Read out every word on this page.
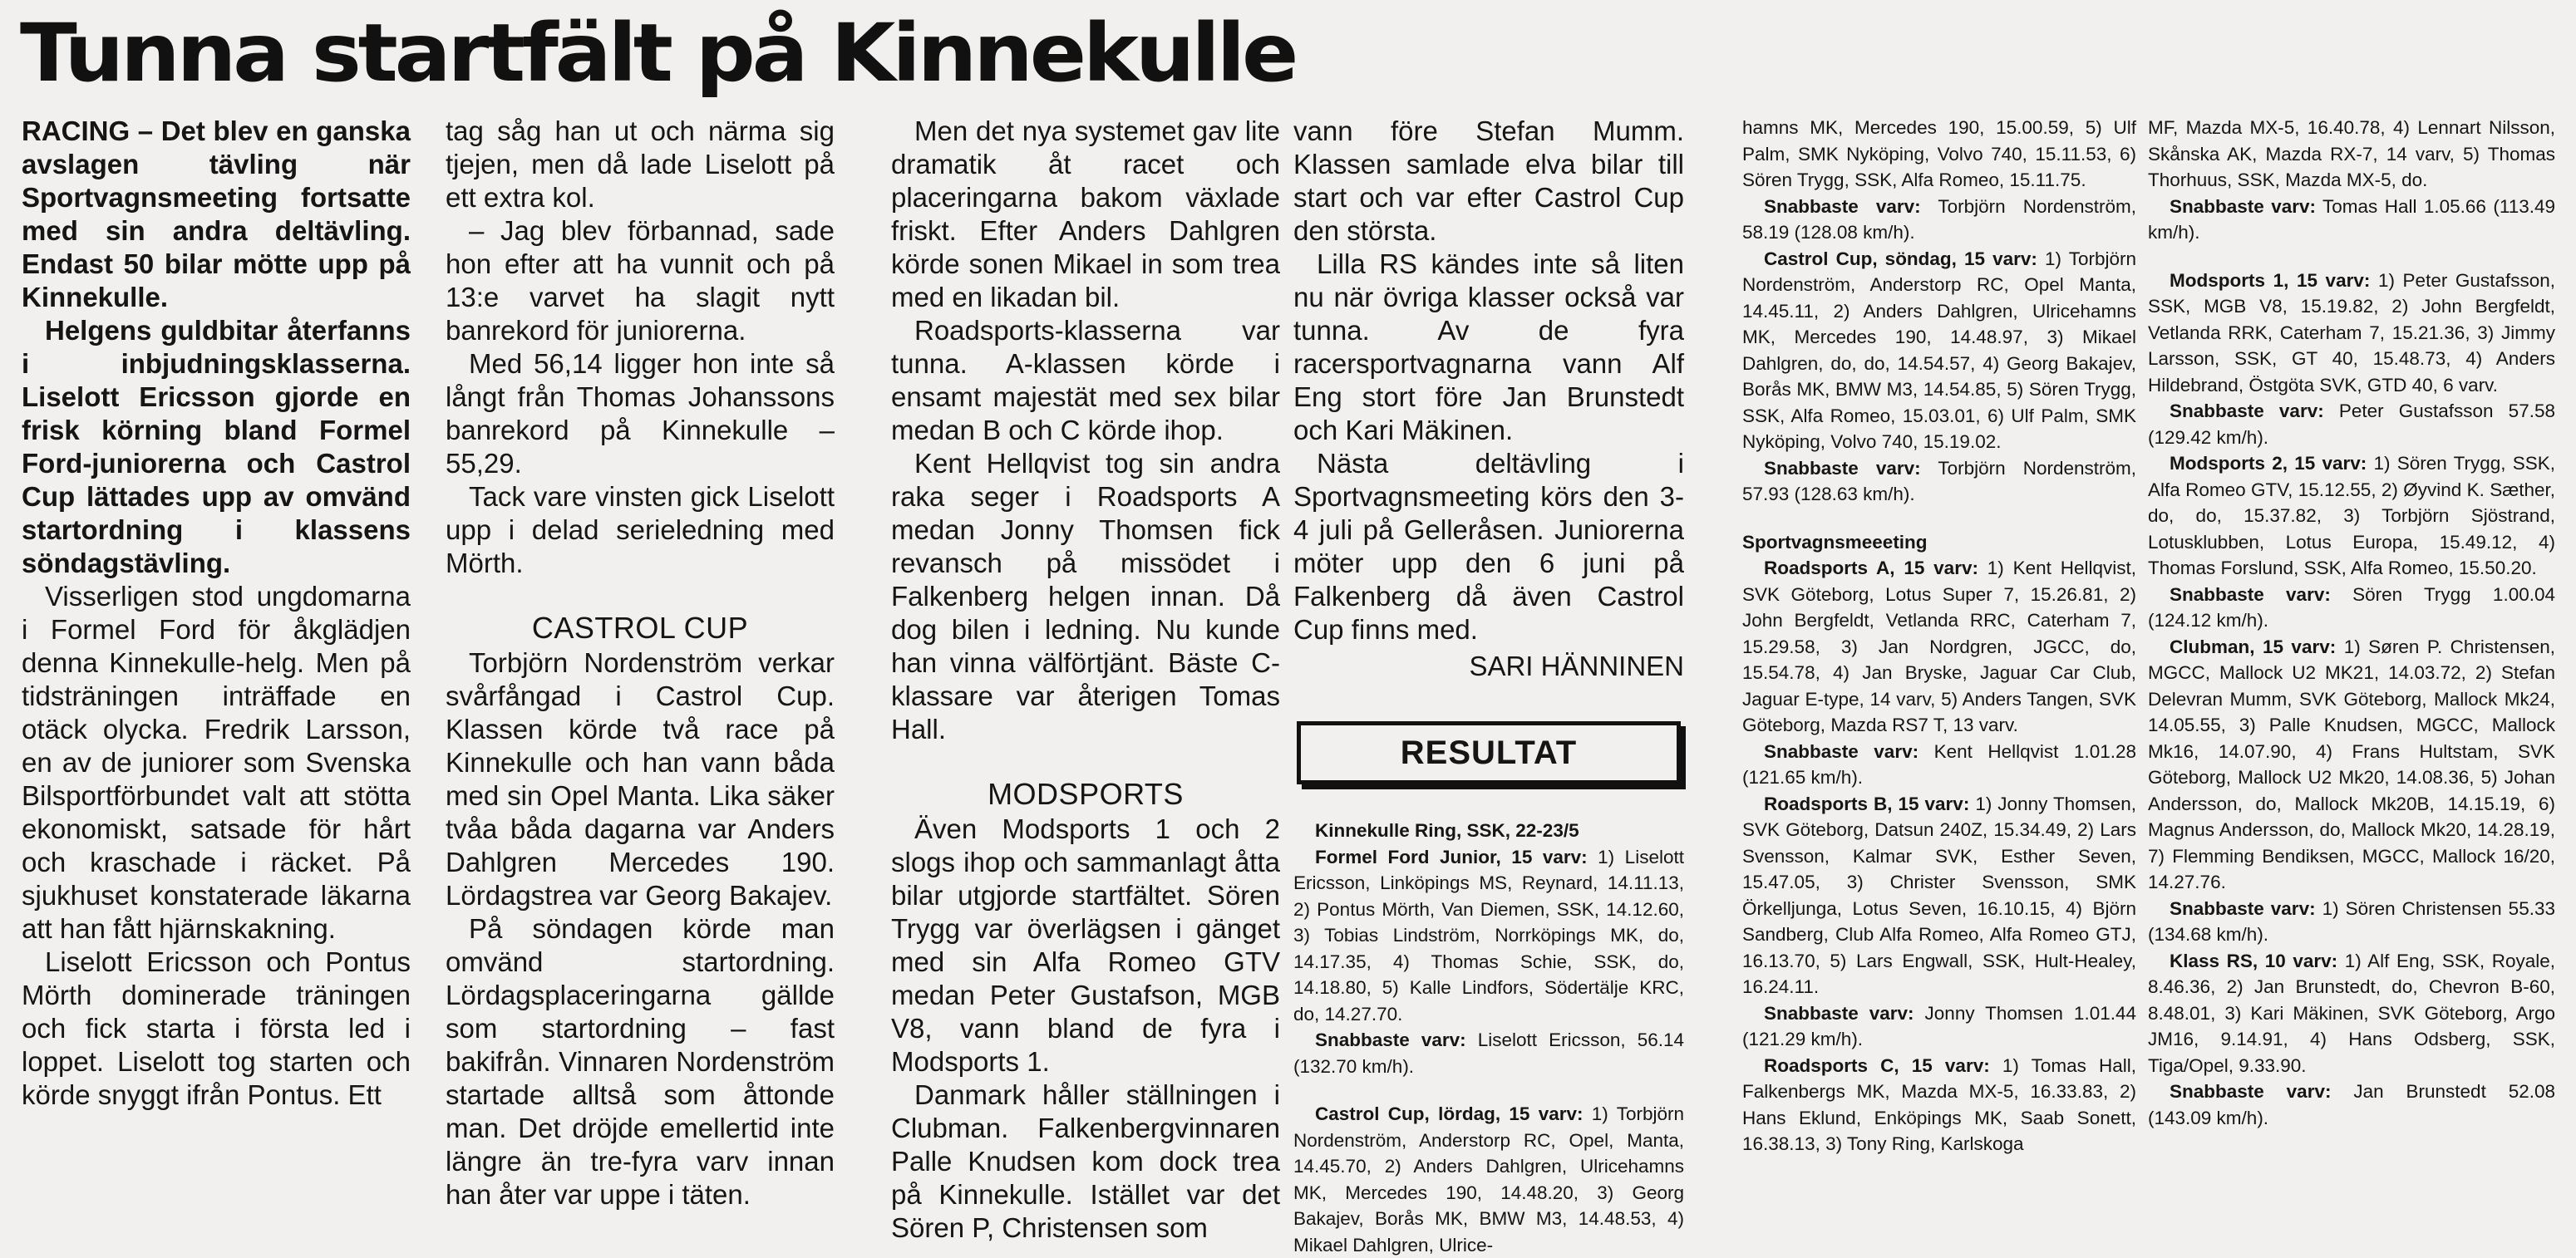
Tunna startfält på Kinnekulle

RACING – Det blev en ganska avslagen tävling när Sportvagnsmeeting fortsatte med sin andra deltävling. Endast 50 bilar mötte upp på Kinnekulle.

Helgens guldbitar återfanns i inbjudningsklasserna. Liselott Ericsson gjorde en frisk körning bland Formel Ford-juniorerna och Castrol Cup lättades upp av omvänd startordning i klassens söndagstävling.

Visserligen stod ungdomarna i Formel Ford för åkglädjen denna Kinnekulle-helg. Men på tidsträningen inträffade en otäck olycka. Fredrik Larsson, en av de juniorer som Svenska Bilsportförbundet valt att stötta ekonomiskt, satsade för hårt och kraschade i räcket. På sjukhuset konstaterade läkarna att han fått hjärnskakning.

Liselott Ericsson och Pontus Mörth dominerade träningen och fick starta i första led i loppet. Liselott tog starten och körde snyggt ifrån Pontus. Ett

tag såg han ut och närma sig tjejen, men då lade Liselott på ett extra kol.

– Jag blev förbannad, sade hon efter att ha vunnit och på 13:e varvet ha slagit nytt banrekord för juniorerna.

Med 56,14 ligger hon inte så långt från Thomas Johanssons banrekord på Kinnekulle – 55,29.

Tack vare vinsten gick Liselott upp i delad serieledning med Mörth.

CASTROL CUP

Torbjörn Nordenström verkar svårfångad i Castrol Cup. Klassen körde två race på Kinnekulle och han vann båda med sin Opel Manta. Lika säker tvåa båda dagarna var Anders Dahlgren Mercedes 190. Lördagstrea var Georg Bakajev.

På söndagen körde man omvänd startordning. Lördagsplaceringarna gällde som startordning – fast bakifrån. Vinnaren Nordenström startade alltså som åttonde man. Det dröjde emellertid inte längre än tre-fyra varv innan han åter var uppe i täten.

Men det nya systemet gav lite dramatik åt racet och placeringarna bakom växlade friskt. Efter Anders Dahlgren körde sonen Mikael in som trea med en likadan bil.

Roadsports-klasserna var tunna. A-klassen körde i ensamt majestät med sex bilar medan B och C körde ihop.

Kent Hellqvist tog sin andra raka seger i Roadsports A medan Jonny Thomsen fick revansch på missödet i Falkenberg helgen innan. Då dog bilen i ledning. Nu kunde han vinna välförtjänt. Bäste C-klassare var återigen Tomas Hall.

MODSPORTS

Även Modsports 1 och 2 slogs ihop och sammanlagt åtta bilar utgjorde startfältet. Sören Trygg var överlägsen i gänget med sin Alfa Romeo GTV medan Peter Gustafson, MGB V8, vann bland de fyra i Modsports 1.

Danmark håller ställningen i Clubman. Falkenbergvinnaren Palle Knudsen kom dock trea på Kinnekulle. Istället var det Sören P, Christensen som

vann före Stefan Mumm. Klassen samlade elva bilar till start och var efter Castrol Cup den största.

Lilla RS kändes inte så liten nu när övriga klasser också var tunna. Av de fyra racersportvagnarna vann Alf Eng stort före Jan Brunstedt och Kari Mäkinen.

Nästa deltävling i Sportvagnsmeeting körs den 3-4 juli på Gelleråsen. Juniorerna möter upp den 6 juni på Falkenberg då även Castrol Cup finns med.

SARI HÄNNINEN
RESULTAT

Kinnekulle Ring, SSK, 22-23/5

Formel Ford Junior, 15 varv: 1) Liselott Ericsson, Linköpings MS, Reynard, 14.11.13, 2) Pontus Mörth, Van Diemen, SSK, 14.12.60, 3) Tobias Lindström, Norrköpings MK, do, 14.17.35, 4) Thomas Schie, SSK, do, 14.18.80, 5) Kalle Lindfors, Södertälje KRC, do, 14.27.70.

Snabbaste varv: Liselott Ericsson, 56.14 (132.70 km/h).

Castrol Cup, lördag, 15 varv: 1) Torbjörn Nordenström, Anderstorp RC, Opel, Manta, 14.45.70, 2) Anders Dahlgren, Ulricehamns MK, Mercedes 190, 14.48.20, 3) Georg Bakajev, Borås MK, BMW M3, 14.48.53, 4) Mikael Dahlgren, Ulrice-

hamns MK, Mercedes 190, 15.00.59, 5) Ulf Palm, SMK Nyköping, Volvo 740, 15.11.53, 6) Sören Trygg, SSK, Alfa Romeo, 15.11.75.

Snabbaste varv: Torbjörn Nordenström, 58.19 (128.08 km/h).

Castrol Cup, söndag, 15 varv: 1) Torbjörn Nordenström, Anderstorp RC, Opel Manta, 14.45.11, 2) Anders Dahlgren, Ulricehamns MK, Mercedes 190, 14.48.97, 3) Mikael Dahlgren, do, do, 14.54.57, 4) Georg Bakajev, Borås MK, BMW M3, 14.54.85, 5) Sören Trygg, SSK, Alfa Romeo, 15.03.01, 6) Ulf Palm, SMK Nyköping, Volvo 740, 15.19.02.

Snabbaste varv: Torbjörn Nordenström, 57.93 (128.63 km/h).

Sportvagnsmeeeting

Roadsports A, 15 varv: 1) Kent Hellqvist, SVK Göteborg, Lotus Super 7, 15.26.81, 2) John Bergfeldt, Vetlanda RRC, Caterham 7, 15.29.58, 3) Jan Nordgren, JGCC, do, 15.54.78, 4) Jan Bryske, Jaguar Car Club, Jaguar E-type, 14 varv, 5) Anders Tangen, SVK Göteborg, Mazda RS7 T, 13 varv.

Snabbaste varv: Kent Hellqvist 1.01.28 (121.65 km/h).

Roadsports B, 15 varv: 1) Jonny Thomsen, SVK Göteborg, Datsun 240Z, 15.34.49, 2) Lars Svensson, Kalmar SVK, Esther Seven, 15.47.05, 3) Christer Svensson, SMK Örkelljunga, Lotus Seven, 16.10.15, 4) Björn Sandberg, Club Alfa Romeo, Alfa Romeo GTJ, 16.13.70, 5) Lars Engwall, SSK, Hult-Healey, 16.24.11.

Snabbaste varv: Jonny Thomsen 1.01.44 (121.29 km/h).

Roadsports C, 15 varv: 1) Tomas Hall, Falkenbergs MK, Mazda MX-5, 16.33.83, 2) Hans Eklund, Enköpings MK, Saab Sonett, 16.38.13, 3) Tony Ring, Karlskoga

MF, Mazda MX-5, 16.40.78, 4) Lennart Nilsson, Skånska AK, Mazda RX-7, 14 varv, 5) Thomas Thorhuus, SSK, Mazda MX-5, do.

Snabbaste varv: Tomas Hall 1.05.66 (113.49 km/h).

Modsports 1, 15 varv: 1) Peter Gustafsson, SSK, MGB V8, 15.19.82, 2) John Bergfeldt, Vetlanda RRK, Caterham 7, 15.21.36, 3) Jimmy Larsson, SSK, GT 40, 15.48.73, 4) Anders Hildebrand, Östgöta SVK, GTD 40, 6 varv.

Snabbaste varv: Peter Gustafsson 57.58 (129.42 km/h).

Modsports 2, 15 varv: 1) Sören Trygg, SSK, Alfa Romeo GTV, 15.12.55, 2) Øyvind K. Sæther, do, do, 15.37.82, 3) Torbjörn Sjöstrand, Lotusklubben, Lotus Europa, 15.49.12, 4) Thomas Forslund, SSK, Alfa Romeo, 15.50.20.

Snabbaste varv: Sören Trygg 1.00.04 (124.12 km/h).

Clubman, 15 varv: 1) Søren P. Christensen, MGCC, Mallock U2 MK21, 14.03.72, 2) Stefan Delevran Mumm, SVK Göteborg, Mallock Mk24, 14.05.55, 3) Palle Knudsen, MGCC, Mallock Mk16, 14.07.90, 4) Frans Hultstam, SVK Göteborg, Mallock U2 Mk20, 14.08.36, 5) Johan Andersson, do, Mallock Mk20B, 14.15.19, 6) Magnus Andersson, do, Mallock Mk20, 14.28.19, 7) Flemming Bendiksen, MGCC, Mallock 16/20, 14.27.76.

Snabbaste varv: 1) Sören Christensen 55.33 (134.68 km/h).

Klass RS, 10 varv: 1) Alf Eng, SSK, Royale, 8.46.36, 2) Jan Brunstedt, do, Chevron B-60, 8.48.01, 3) Kari Mäkinen, SVK Göteborg, Argo JM16, 9.14.91, 4) Hans Odsberg, SSK, Tiga/Opel, 9.33.90.

Snabbaste varv: Jan Brunstedt 52.08 (143.09 km/h).
